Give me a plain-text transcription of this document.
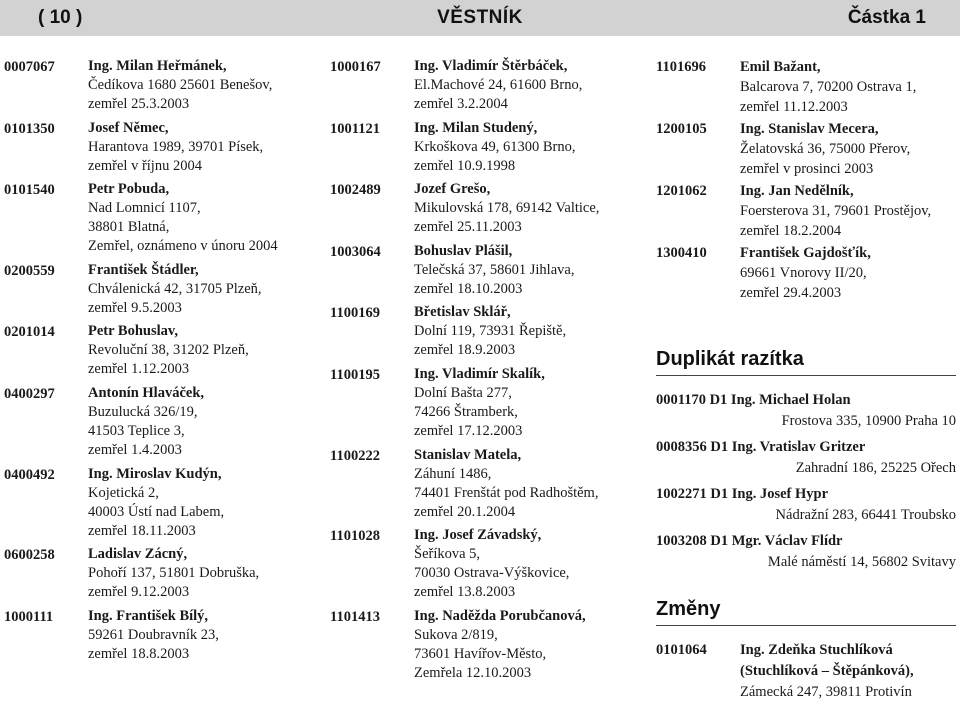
( 10 )	VĚSTNÍK	Částka 1
0007067 Ing. Milan Heřmánek,
Čedíkova 1680 25601 Benešov,
zemřel 25.3.2003
0101350 Josef Němec,
Harantova 1989, 39701 Písek,
zemřel v říjnu 2004
0101540 Petr Pobuda,
Nad Lomnicí 1107,
38801 Blatná,
Zemřel, oznámeno v únoru 2004
0200559 František Štádler,
Chválenická 42, 31705 Plzeň,
zemřel 9.5.2003
0201014 Petr Bohuslav,
Revoluční 38, 31202 Plzeň,
zemřel 1.12.2003
0400297 Antonín Hlaváček,
Buzulucká 326/19,
41503 Teplice 3,
zemřel 1.4.2003
0400492 Ing. Miroslav Kudýn,
Kojetická 2,
40003 Ústí nad Labem,
zemřel 18.11.2003
0600258 Ladislav Zácný,
Pohoří 137, 51801 Dobruška,
zemřel 9.12.2003
1000111 Ing. František Bílý,
59261 Doubravník 23,
zemřel 18.8.2003
1000167 Ing. Vladimír Štěrbáček,
El.Machové 24, 61600 Brno,
zemřel 3.2.2004
1001121 Ing. Milan Studený,
Krkoškova 49, 61300 Brno,
zemřel 10.9.1998
1002489 Jozef Grešo,
Mikulovská 178, 69142 Valtice,
zemřel 25.11.2003
1003064 Bohuslav Plášil,
Telečská 37, 58601 Jihlava,
zemřel 18.10.2003
1100169 Břetislav Sklář,
Dolní 119, 73931 Řepiště,
zemřel 18.9.2003
1100195 Ing. Vladimír Skalík,
Dolní Bašta 277,
74266 Štramberk,
zemřel 17.12.2003
1100222 Stanislav Matela,
Záhuní 1486,
74401 Frenštát pod Radhoštěm,
zemřel 20.1.2004
1101028 Ing. Josef Závadský,
Šeříkova 5,
70030 Ostrava-Výškovice,
zemřel 13.8.2003
1101413 Ing. Naděžda Porubčanová,
Sukova 2/819,
73601 Havířov-Město,
Zemřela 12.10.2003
1101696 Emil Bažant,
Balcarova 7, 70200 Ostrava 1,
zemřel 11.12.2003
1200105 Ing. Stanislav Mecera,
Želatovská 36, 75000 Přerov,
zemřel v prosinci 2003
1201062 Ing. Jan Nedělník,
Foersterova 31, 79601 Prostějov,
zemřel 18.2.2004
1300410 František Gajdošťík,
69661 Vnorovy II/20,
zemřel 29.4.2003
Duplikát razítka
0001170 D1 Ing. Michael Holan
Frostova 335, 10900 Praha 10
0008356 D1 Ing. Vratislav Gritzer
Zahradní 186, 25225 Ořech
1002271 D1 Ing. Josef Hypr
Nádražní 283, 66441 Troubsko
1003208 D1 Mgr. Václav Flídr
Malé náměstí 14, 56802 Svitavy
Změny
0101064 Ing. Zdeňka Stuchlíková
(Stuchlíková – Štěpánková),
Zámecká 247, 39811 Protivín
